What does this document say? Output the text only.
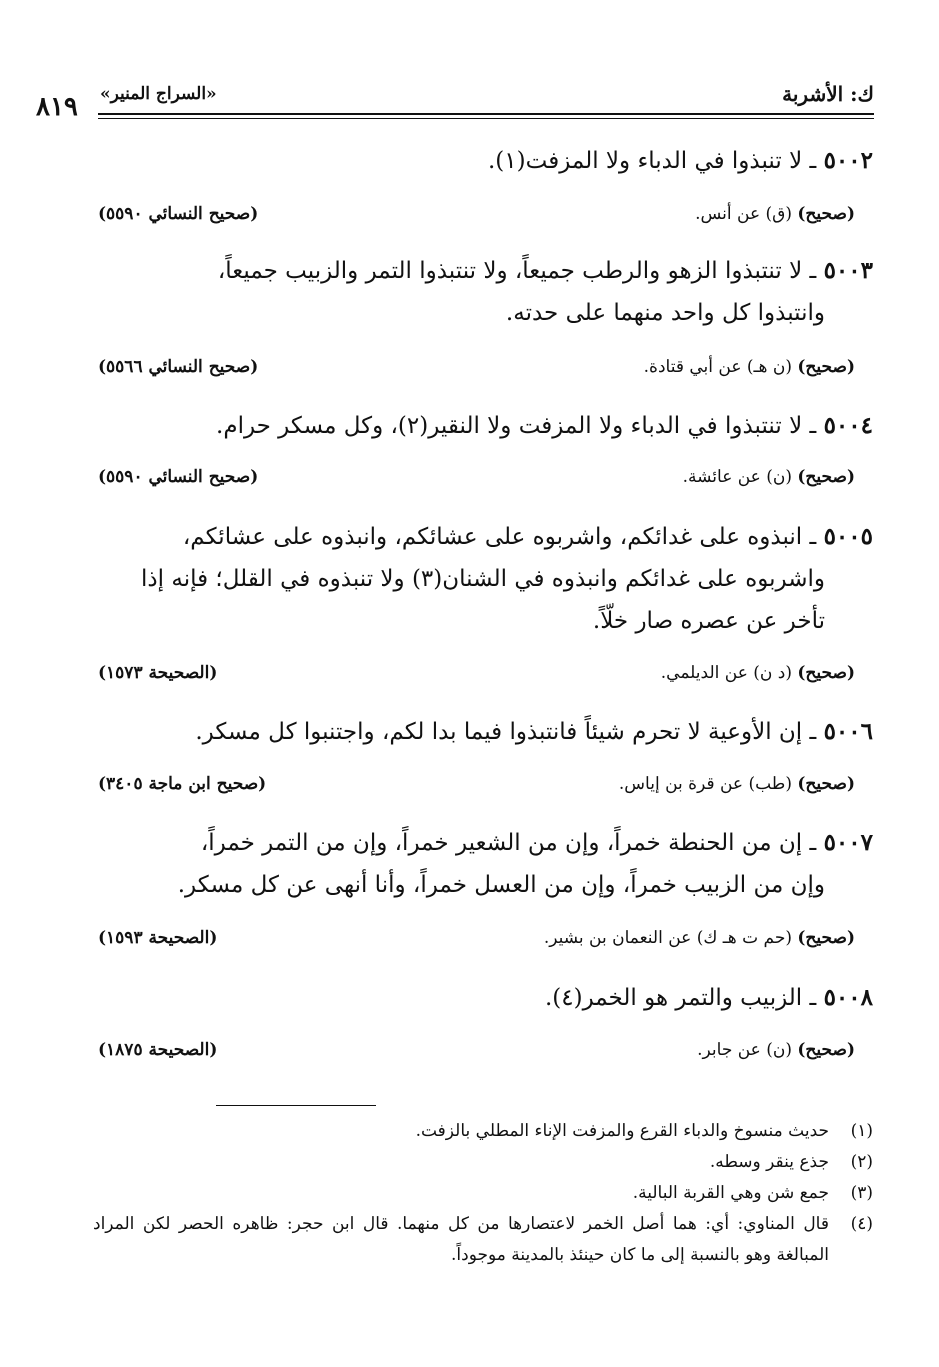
ك: الأشربة
«السراج المنير»
٨١٩
٥٠٠٢ ـ لا تنبذوا في الدباء ولا المزفت(١).
(صحيح) (ق) عن أنس.
(صحيح النسائي ٥٥٩٠)
٥٠٠٣ ـ لا تنتبذوا الزهو والرطب جميعاً، ولا تنتبذوا التمر والزبيب جميعاً،
وانتبذوا كل واحد منهما على حدته.
(صحيح) (ن هـ) عن أبي قتادة.
(صحيح النسائي ٥٥٦٦)
٥٠٠٤ ـ لا تنتبذوا في الدباء ولا المزفت ولا النقير(٢)، وكل مسكر حرام.
(صحيح) (ن) عن عائشة.
(صحيح النسائي ٥٥٩٠)
٥٠٠٥ ـ انبذوه على غدائكم، واشربوه على عشائكم، وانبذوه على عشائكم،
واشربوه على غدائكم وانبذوه في الشنان(٣) ولا تنبذوه في القلل؛ فإنه إذا
تأخر عن عصره صار خلّاً.
(صحيح) (د ن) عن الديلمي.
(الصحيحة ١٥٧٣)
٥٠٠٦ ـ إن الأوعية لا تحرم شيئاً فانتبذوا فيما بدا لكم، واجتنبوا كل مسكر.
(صحيح) (طب) عن قرة بن إياس.
(صحيح ابن ماجة ٣٤٠٥)
٥٠٠٧ ـ إن من الحنطة خمراً، وإن من الشعير خمراً، وإن من التمر خمراً،
وإن من الزبيب خمراً، وإن من العسل خمراً، وأنا أنهى عن كل مسكر.
(صحيح) (حم ت هـ ك) عن النعمان بن بشير.
(الصحيحة ١٥٩٣)
٥٠٠٨ ـ الزبيب والتمر هو الخمر(٤).
(صحيح) (ن) عن جابر.
(الصحيحة ١٨٧٥)
(١)
حديث منسوخ والدباء القرع والمزفت الإناء المطلي بالزفت.
(٢)
جذع ينقر وسطه.
(٣)
جمع شن وهي القربة البالية.
(٤)
قال المناوي: أي: هما أصل الخمر لاعتصارها من كل منهما. قال ابن حجر: ظاهره الحصر لكن المراد المبالغة وهو بالنسبة إلى ما كان حينئذ بالمدينة موجوداً.
